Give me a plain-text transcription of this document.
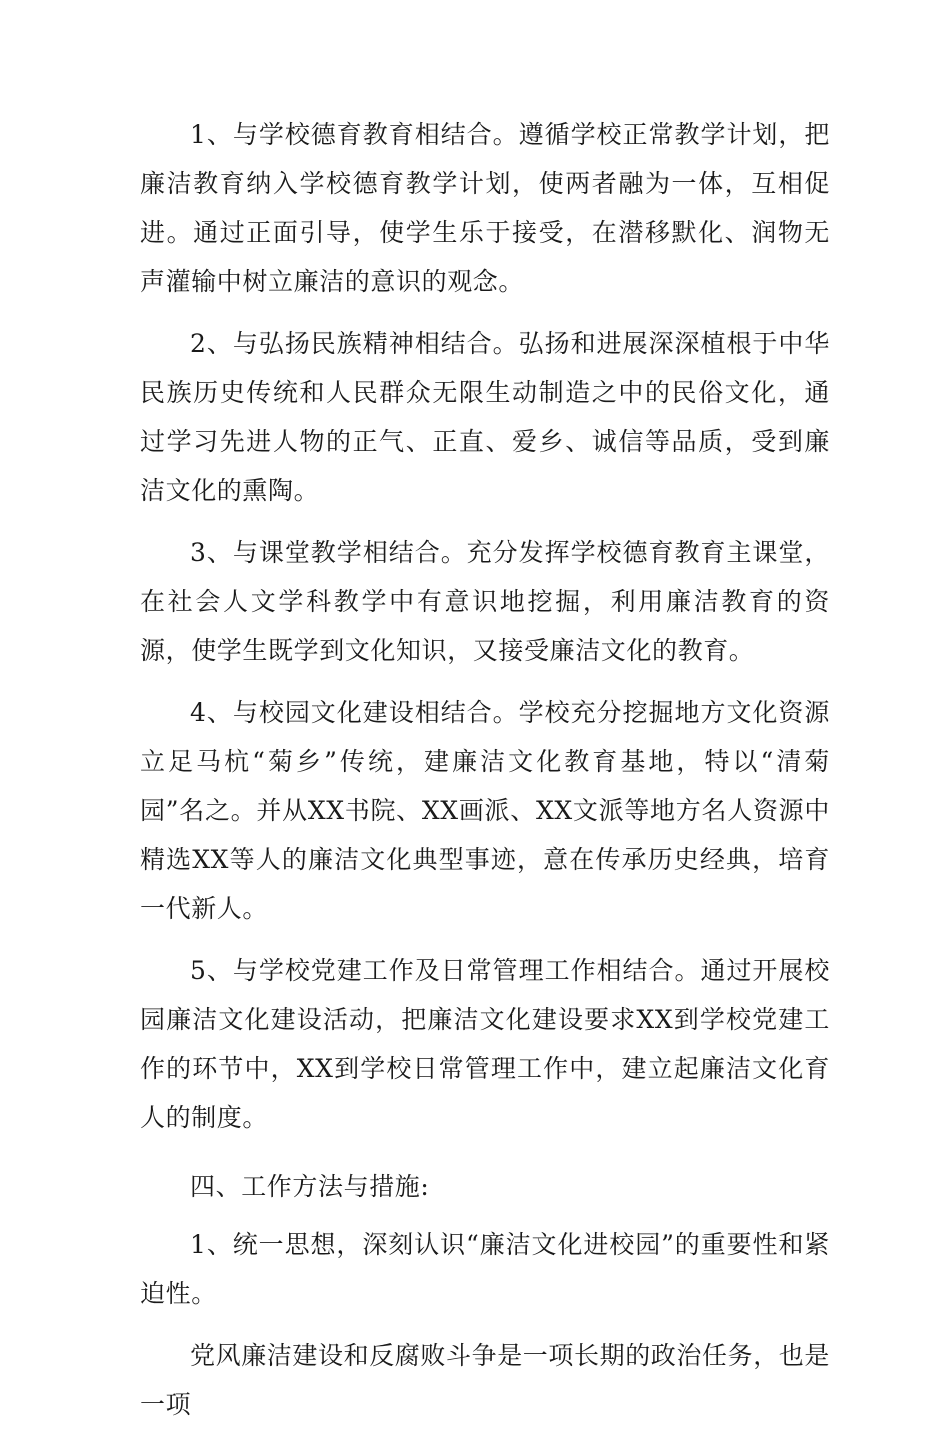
1、与学校德育教育相结合。遵循学校正常教学计划，把廉洁教育纳入学校德育教学计划，使两者融为一体，互相促进。通过正面引导，使学生乐于接受，在潜移默化、润物无声灌输中树立廉洁的意识的观念。

2、与弘扬民族精神相结合。弘扬和进展深深植根于中华民族历史传统和人民群众无限生动制造之中的民俗文化，通过学习先进人物的正气、正直、爱乡、诚信等品质，受到廉洁文化的熏陶。

3、与课堂教学相结合。充分发挥学校德育教育主课堂，在社会人文学科教学中有意识地挖掘，利用廉洁教育的资源，使学生既学到文化知识，又接受廉洁文化的教育。

4、与校园文化建设相结合。学校充分挖掘地方文化资源 立足马杭“菊乡”传统，建廉洁文化教育基地，特以“清菊园”名之。并从XX书院、XX画派、XX文派等地方名人资源中精选XX等人的廉洁文化典型事迹，意在传承历史经典，培育一代新人。

5、与学校党建工作及日常管理工作相结合。通过开展校园廉洁文化建设活动，把廉洁文化建设要求XX到学校党建工作的环节中，XX到学校日常管理工作中，建立起廉洁文化育人的制度。

四、工作方法与措施:

1、统一思想，深刻认识“廉洁文化进校园”的重要性和紧迫性。

党风廉洁建设和反腐败斗争是一项长期的政治任务，也是一项
